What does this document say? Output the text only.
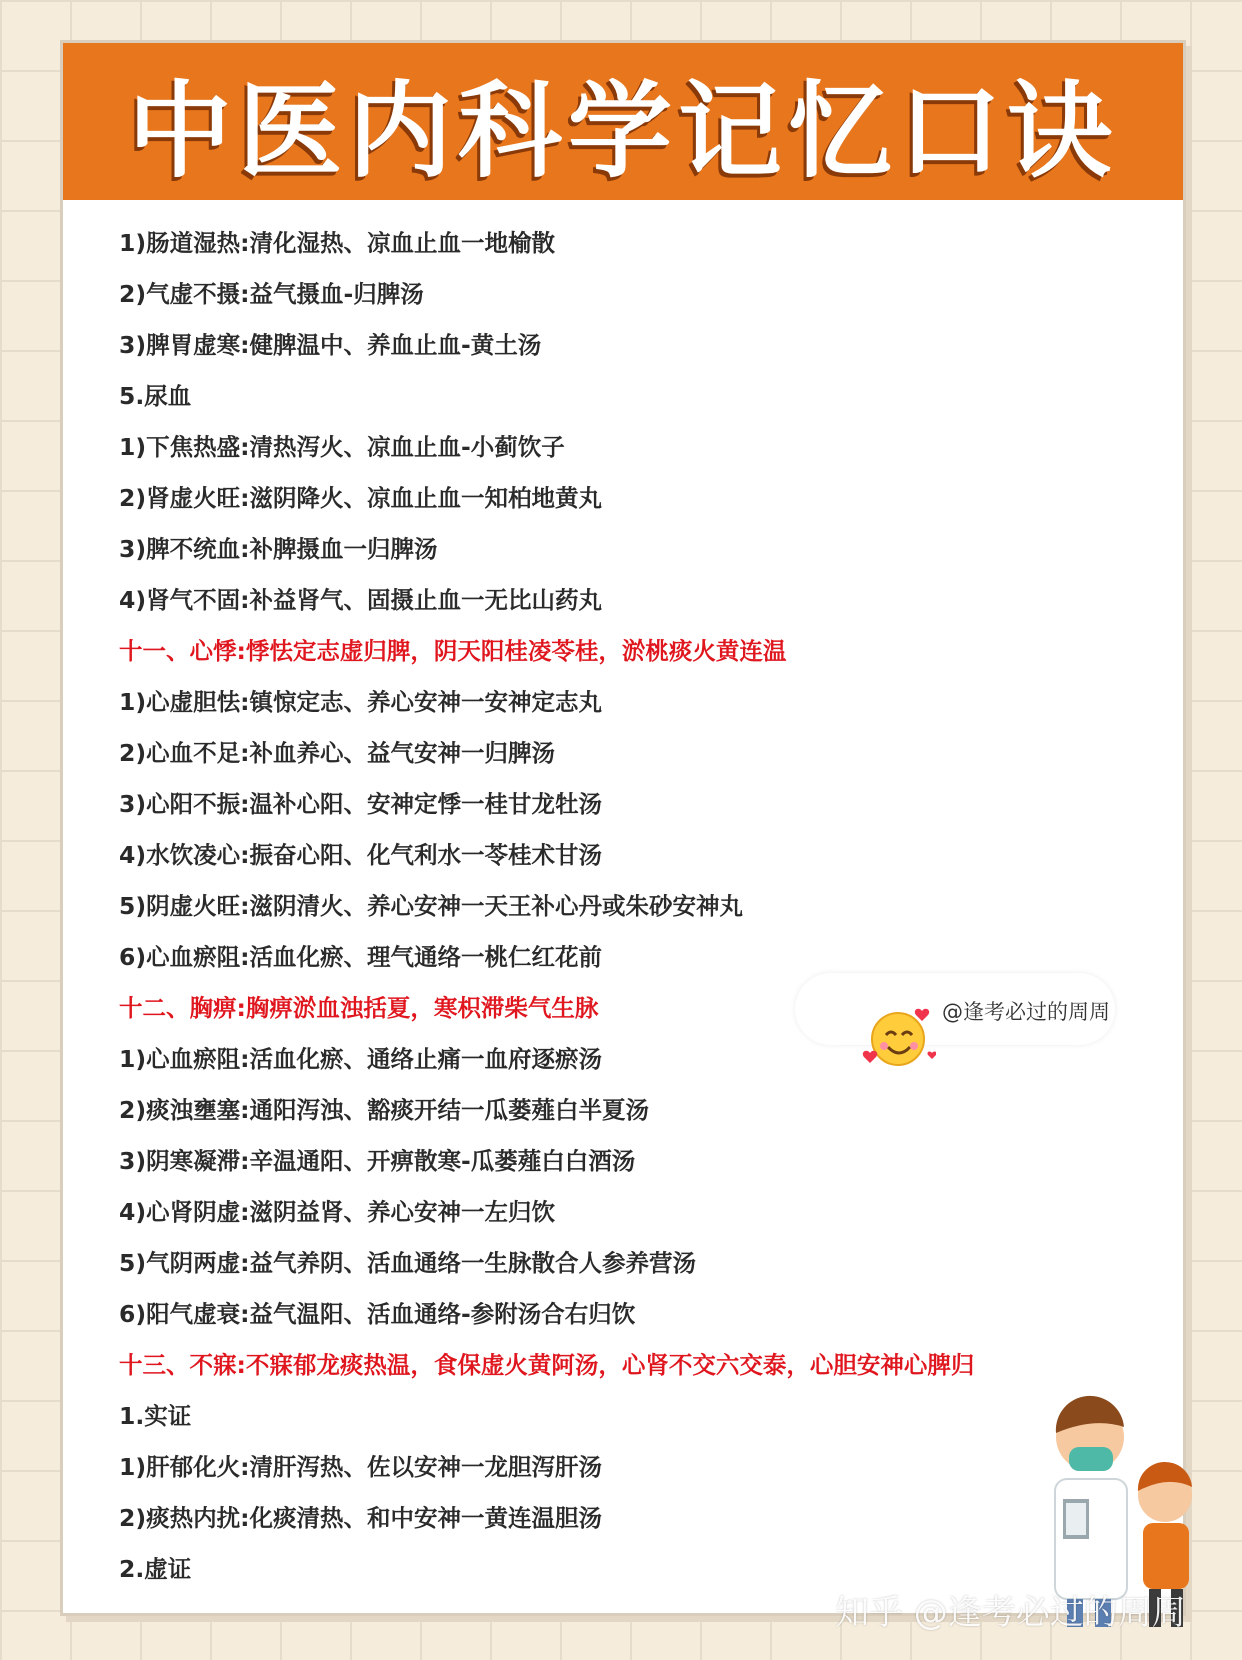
中医内科学记忆口诀
1)肠道湿热:清化湿热、凉血止血一地榆散
2)气虚不摄:益气摄血-归脾汤
3)脾胃虚寒:健脾温中、养血止血-黄土汤
5.尿血
1)下焦热盛:清热泻火、凉血止血-小蓟饮子
2)肾虚火旺:滋阴降火、凉血止血一知柏地黄丸
3)脾不统血:补脾摄血一归脾汤
4)肾气不固:补益肾气、固摄止血一无比山药丸
十一、心悸:悸怯定志虚归脾，阴天阳桂凌苓桂，淤桃痰火黄连温
1)心虚胆怯:镇惊定志、养心安神一安神定志丸
2)心血不足:补血养心、益气安神一归脾汤
3)心阳不振:温补心阳、安神定悸一桂甘龙牡汤
4)水饮凌心:振奋心阳、化气利水一苓桂术甘汤
5)阴虚火旺:滋阴清火、养心安神一天王补心丹或朱砂安神丸
6)心血瘀阻:活血化瘀、理气通络一桃仁红花前
十二、胸痹:胸痹淤血浊括夏，寒枳滞柴气生脉
1)心血瘀阻:活血化瘀、通络止痛一血府逐瘀汤
2)痰浊壅塞:通阳泻浊、豁痰开结一瓜蒌薤白半夏汤
3)阴寒凝滞:辛温通阳、开痹散寒-瓜蒌薤白白酒汤
4)心肾阴虚:滋阴益肾、养心安神一左归饮
5)气阴两虚:益气养阴、活血通络一生脉散合人参养营汤
6)阳气虚衰:益气温阳、活血通络-参附汤合右归饮
十三、不寐:不寐郁龙痰热温，食保虚火黄阿汤，心肾不交六交泰，心胆安神心脾归
1.实证
1)肝郁化火:清肝泻热、佐以安神一龙胆泻肝汤
2)痰热内扰:化痰清热、和中安神一黄连温胆汤
2.虚证
@逢考必过的周周
知乎 @逢考必过的周周
